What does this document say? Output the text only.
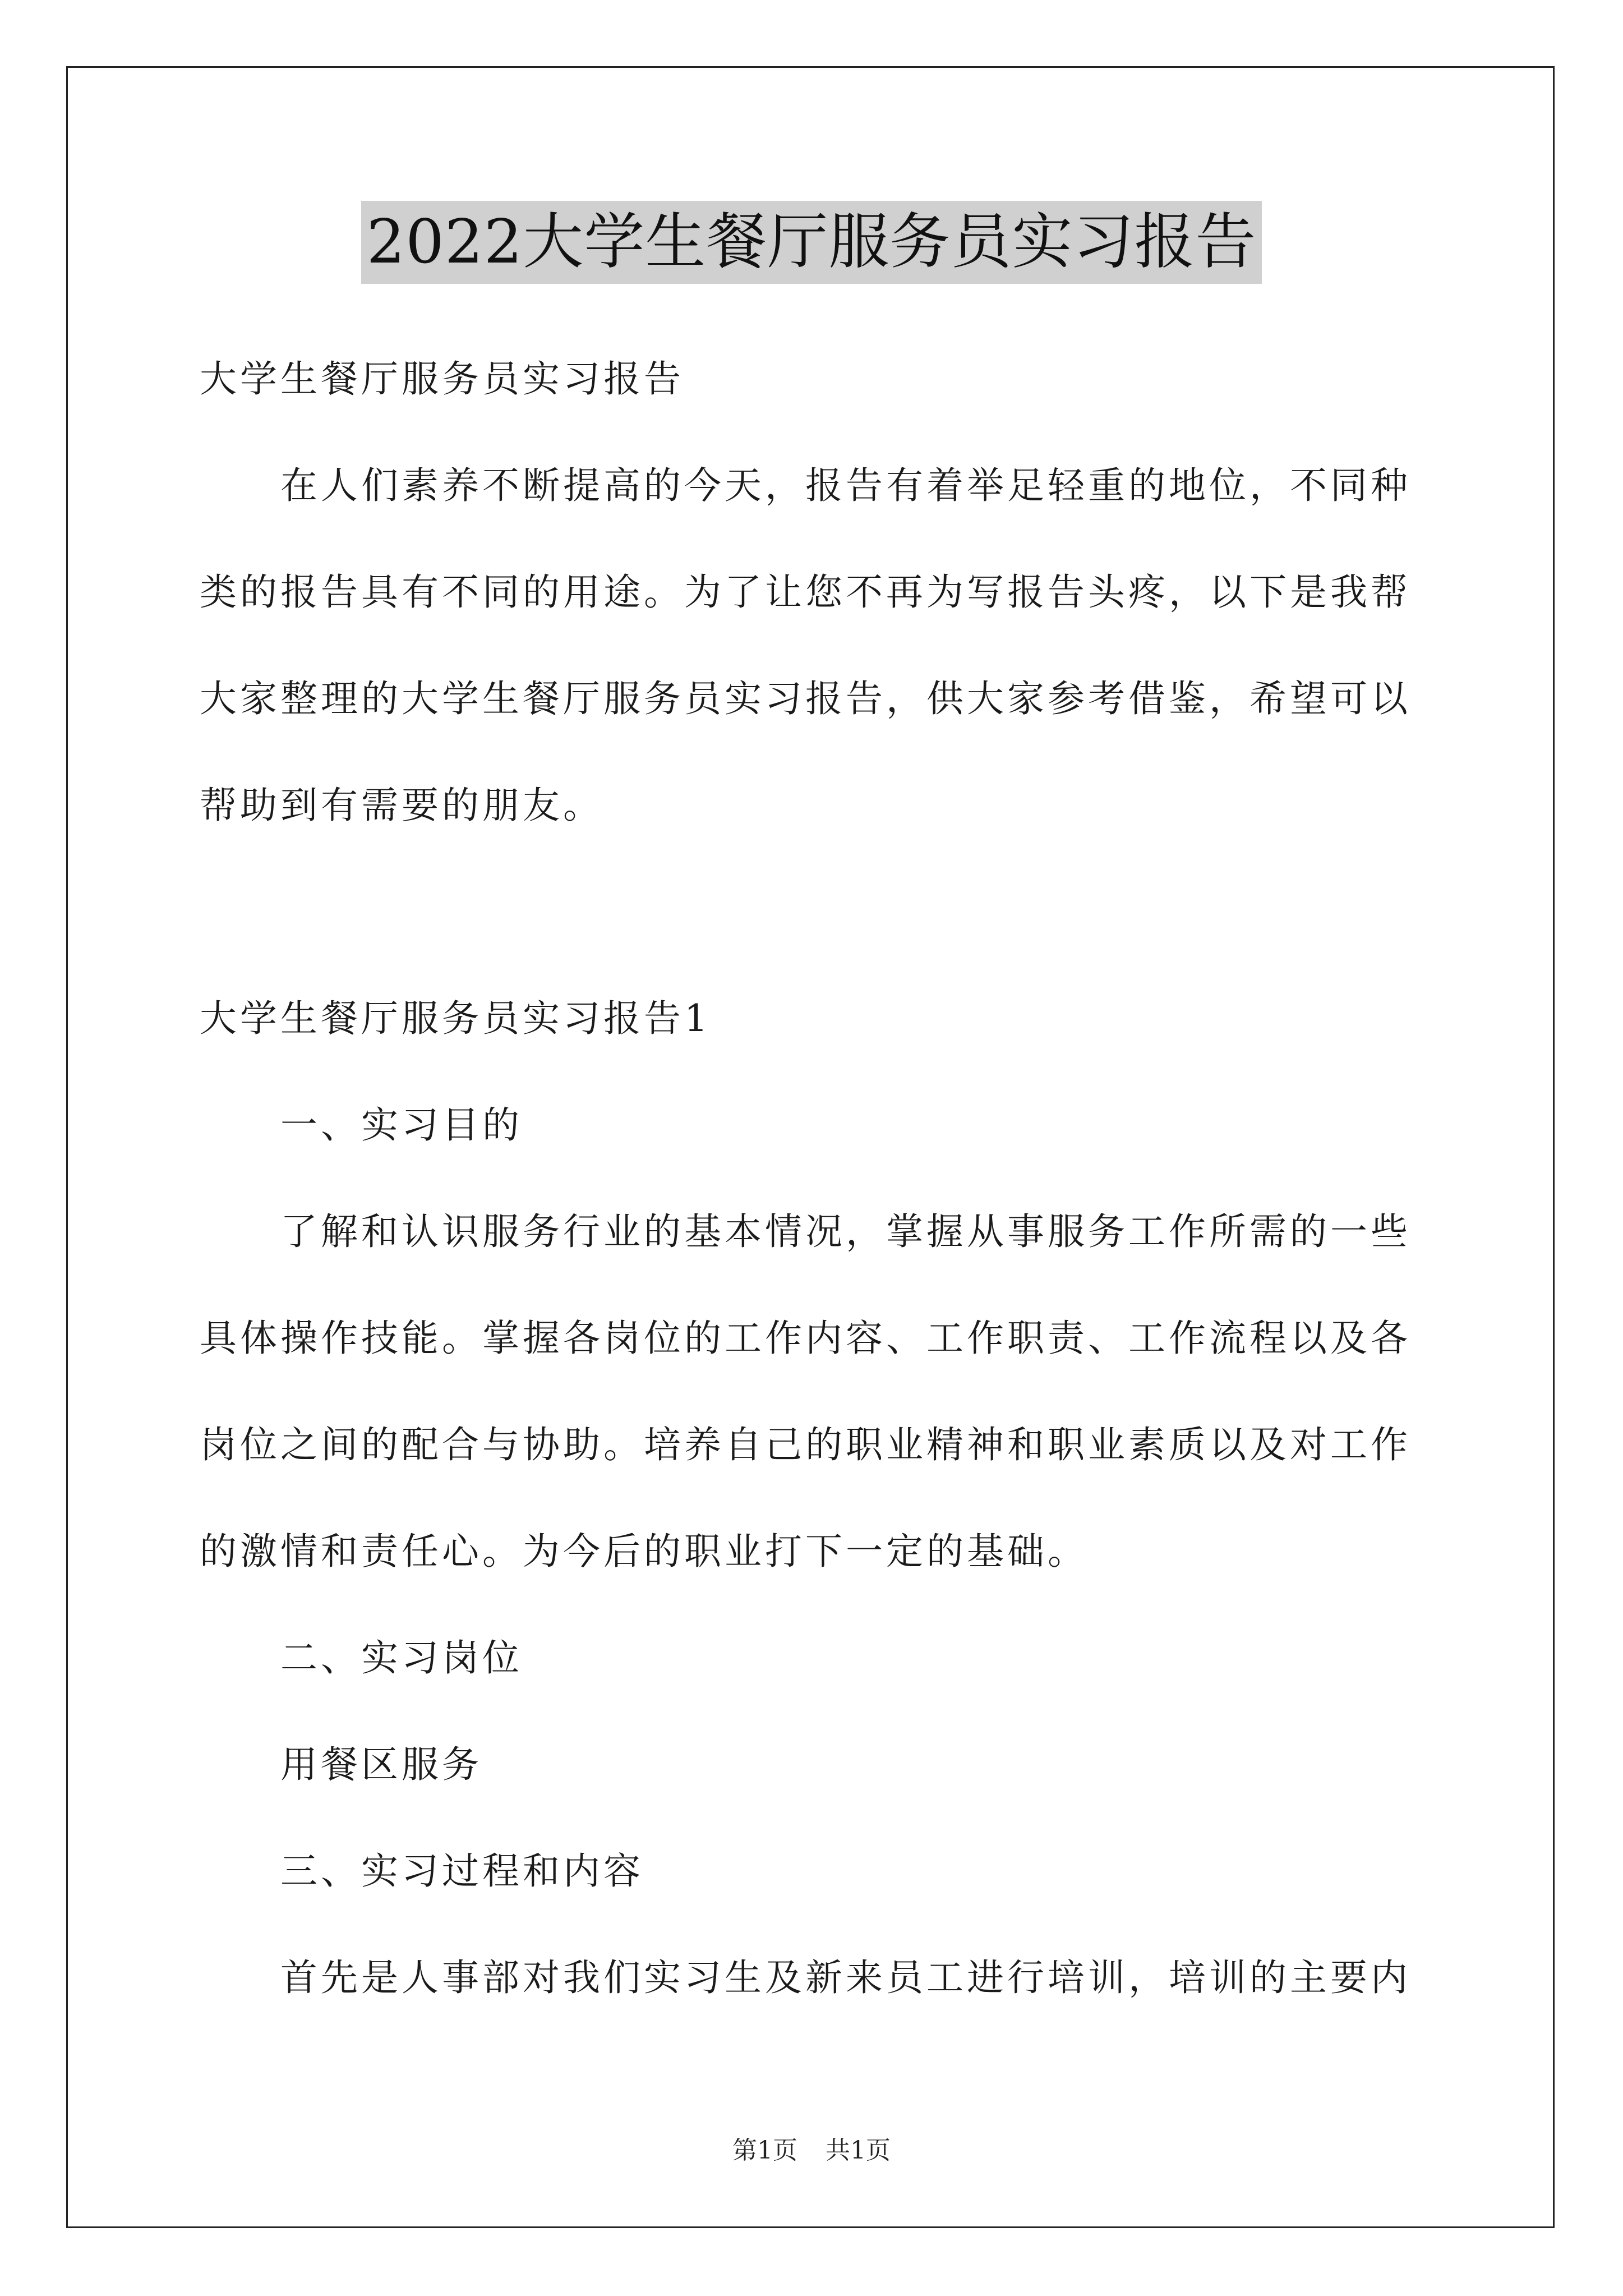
2022大学生餐厅服务员实习报告
大学生餐厅服务员实习报告
在人们素养不断提高的今天，报告有着举足轻重的地位，不同种
类的报告具有不同的用途。为了让您不再为写报告头疼，以下是我帮
大家整理的大学生餐厅服务员实习报告，供大家参考借鉴，希望可以
帮助到有需要的朋友。
大学生餐厅服务员实习报告1
一、实习目的
了解和认识服务行业的基本情况，掌握从事服务工作所需的一些
具体操作技能。掌握各岗位的工作内容、工作职责、工作流程以及各
岗位之间的配合与协助。培养自己的职业精神和职业素质以及对工作
的激情和责任心。为今后的职业打下一定的基础。
二、实习岗位
用餐区服务
三、实习过程和内容
首先是人事部对我们实习生及新来员工进行培训，培训的主要内
第1页 共1页
